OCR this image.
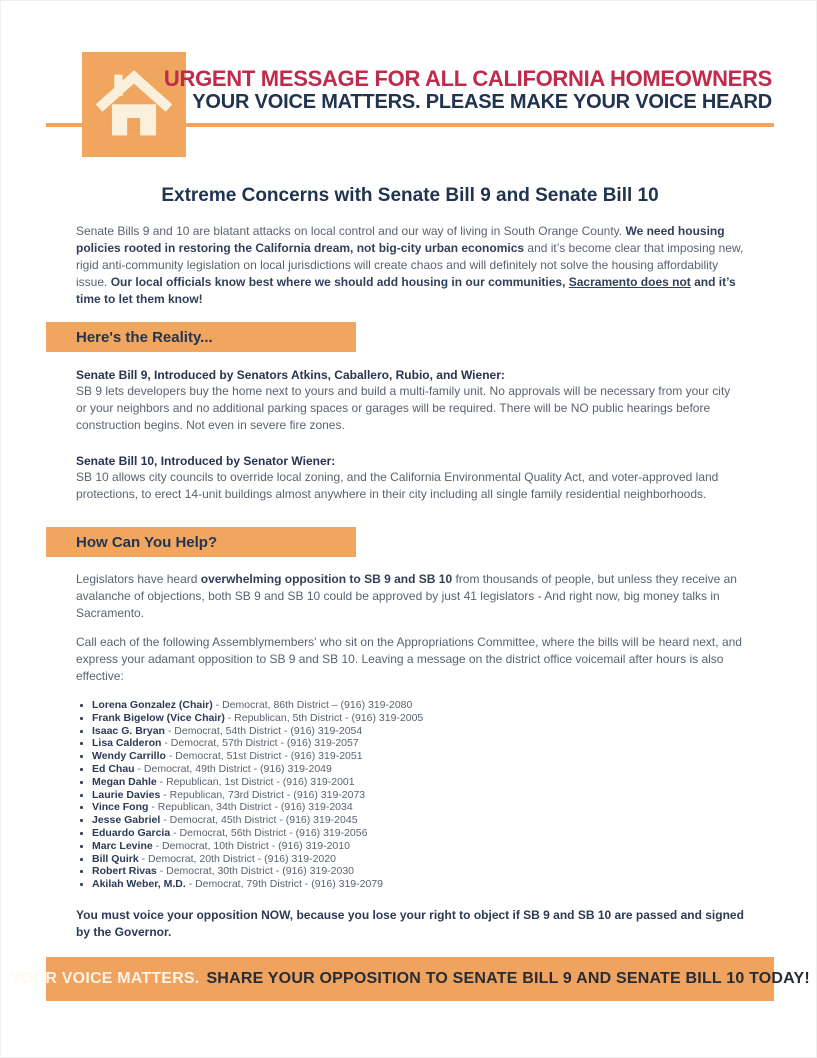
URGENT MESSAGE FOR ALL CALIFORNIA HOMEOWNERS
YOUR VOICE MATTERS. PLEASE MAKE YOUR VOICE HEARD
Extreme Concerns with Senate Bill 9 and Senate Bill 10

Senate Bills 9 and 10 are blatant attacks on local control and our way of living in South Orange County. We need housing policies rooted in restoring the California dream, not big-city urban economics and it’s become clear that imposing new, rigid anti-community legislation on local jurisdictions will create chaos and will definitely not solve the housing affordability issue. Our local officials know best where we should add housing in our communities, Sacramento does not and it’s time to let them know!

Here's the Reality...

Senate Bill 9, Introduced by Senators Atkins, Caballero, Rubio, and Wiener:

SB 9 lets developers buy the home next to yours and build a multi-family unit. No approvals will be necessary from your city or your neighbors and no additional parking spaces or garages will be required. There will be NO public hearings before construction begins. Not even in severe fire zones.

Senate Bill 10, Introduced by Senator Wiener:

SB 10 allows city councils to override local zoning, and the California Environmental Quality Act, and voter-approved land protections, to erect 14-unit buildings almost anywhere in their city including all single family residential neighborhoods.

How Can You Help?

Legislators have heard overwhelming opposition to SB 9 and SB 10 from thousands of people, but unless they receive an avalanche of objections, both SB 9 and SB 10 could be approved by just 41 legislators - And right now, big money talks in Sacramento.

Call each of the following Assemblymembers' who sit on the Appropriations Committee, where the bills will be heard next, and express your adamant opposition to SB 9 and SB 10. Leaving a message on the district office voicemail after hours is also effective:

Lorena Gonzalez (Chair) - Democrat, 86th District – (916) 319-2080
Frank Bigelow (Vice Chair) - Republican, 5th District - (916) 319-2005
Isaac G. Bryan - Democrat, 54th District - (916) 319-2054
Lisa Calderon - Democrat, 57th District - (916) 319-2057
Wendy Carrillo - Democrat, 51st District - (916) 319-2051
Ed Chau - Democrat, 49th District - (916) 319-2049
Megan Dahle - Republican, 1st District - (916) 319-2001
Laurie Davies - Republican, 73rd District - (916) 319-2073
Vince Fong - Republican, 34th District - (916) 319-2034
Jesse Gabriel - Democrat, 45th District - (916) 319-2045
Eduardo Garcia - Democrat, 56th District - (916) 319-2056
Marc Levine - Democrat, 10th District - (916) 319-2010
Bill Quirk - Democrat, 20th District - (916) 319-2020
Robert Rivas - Democrat, 30th District - (916) 319-2030
Akilah Weber, M.D. - Democrat, 79th District - (916) 319-2079

You must voice your opposition NOW, because you lose your right to object if SB 9 and SB 10 are passed and signed by the Governor.

YOUR VOICE MATTERS. SHARE YOUR OPPOSITION TO SENATE BILL 9 AND SENATE BILL 10 TODAY!
